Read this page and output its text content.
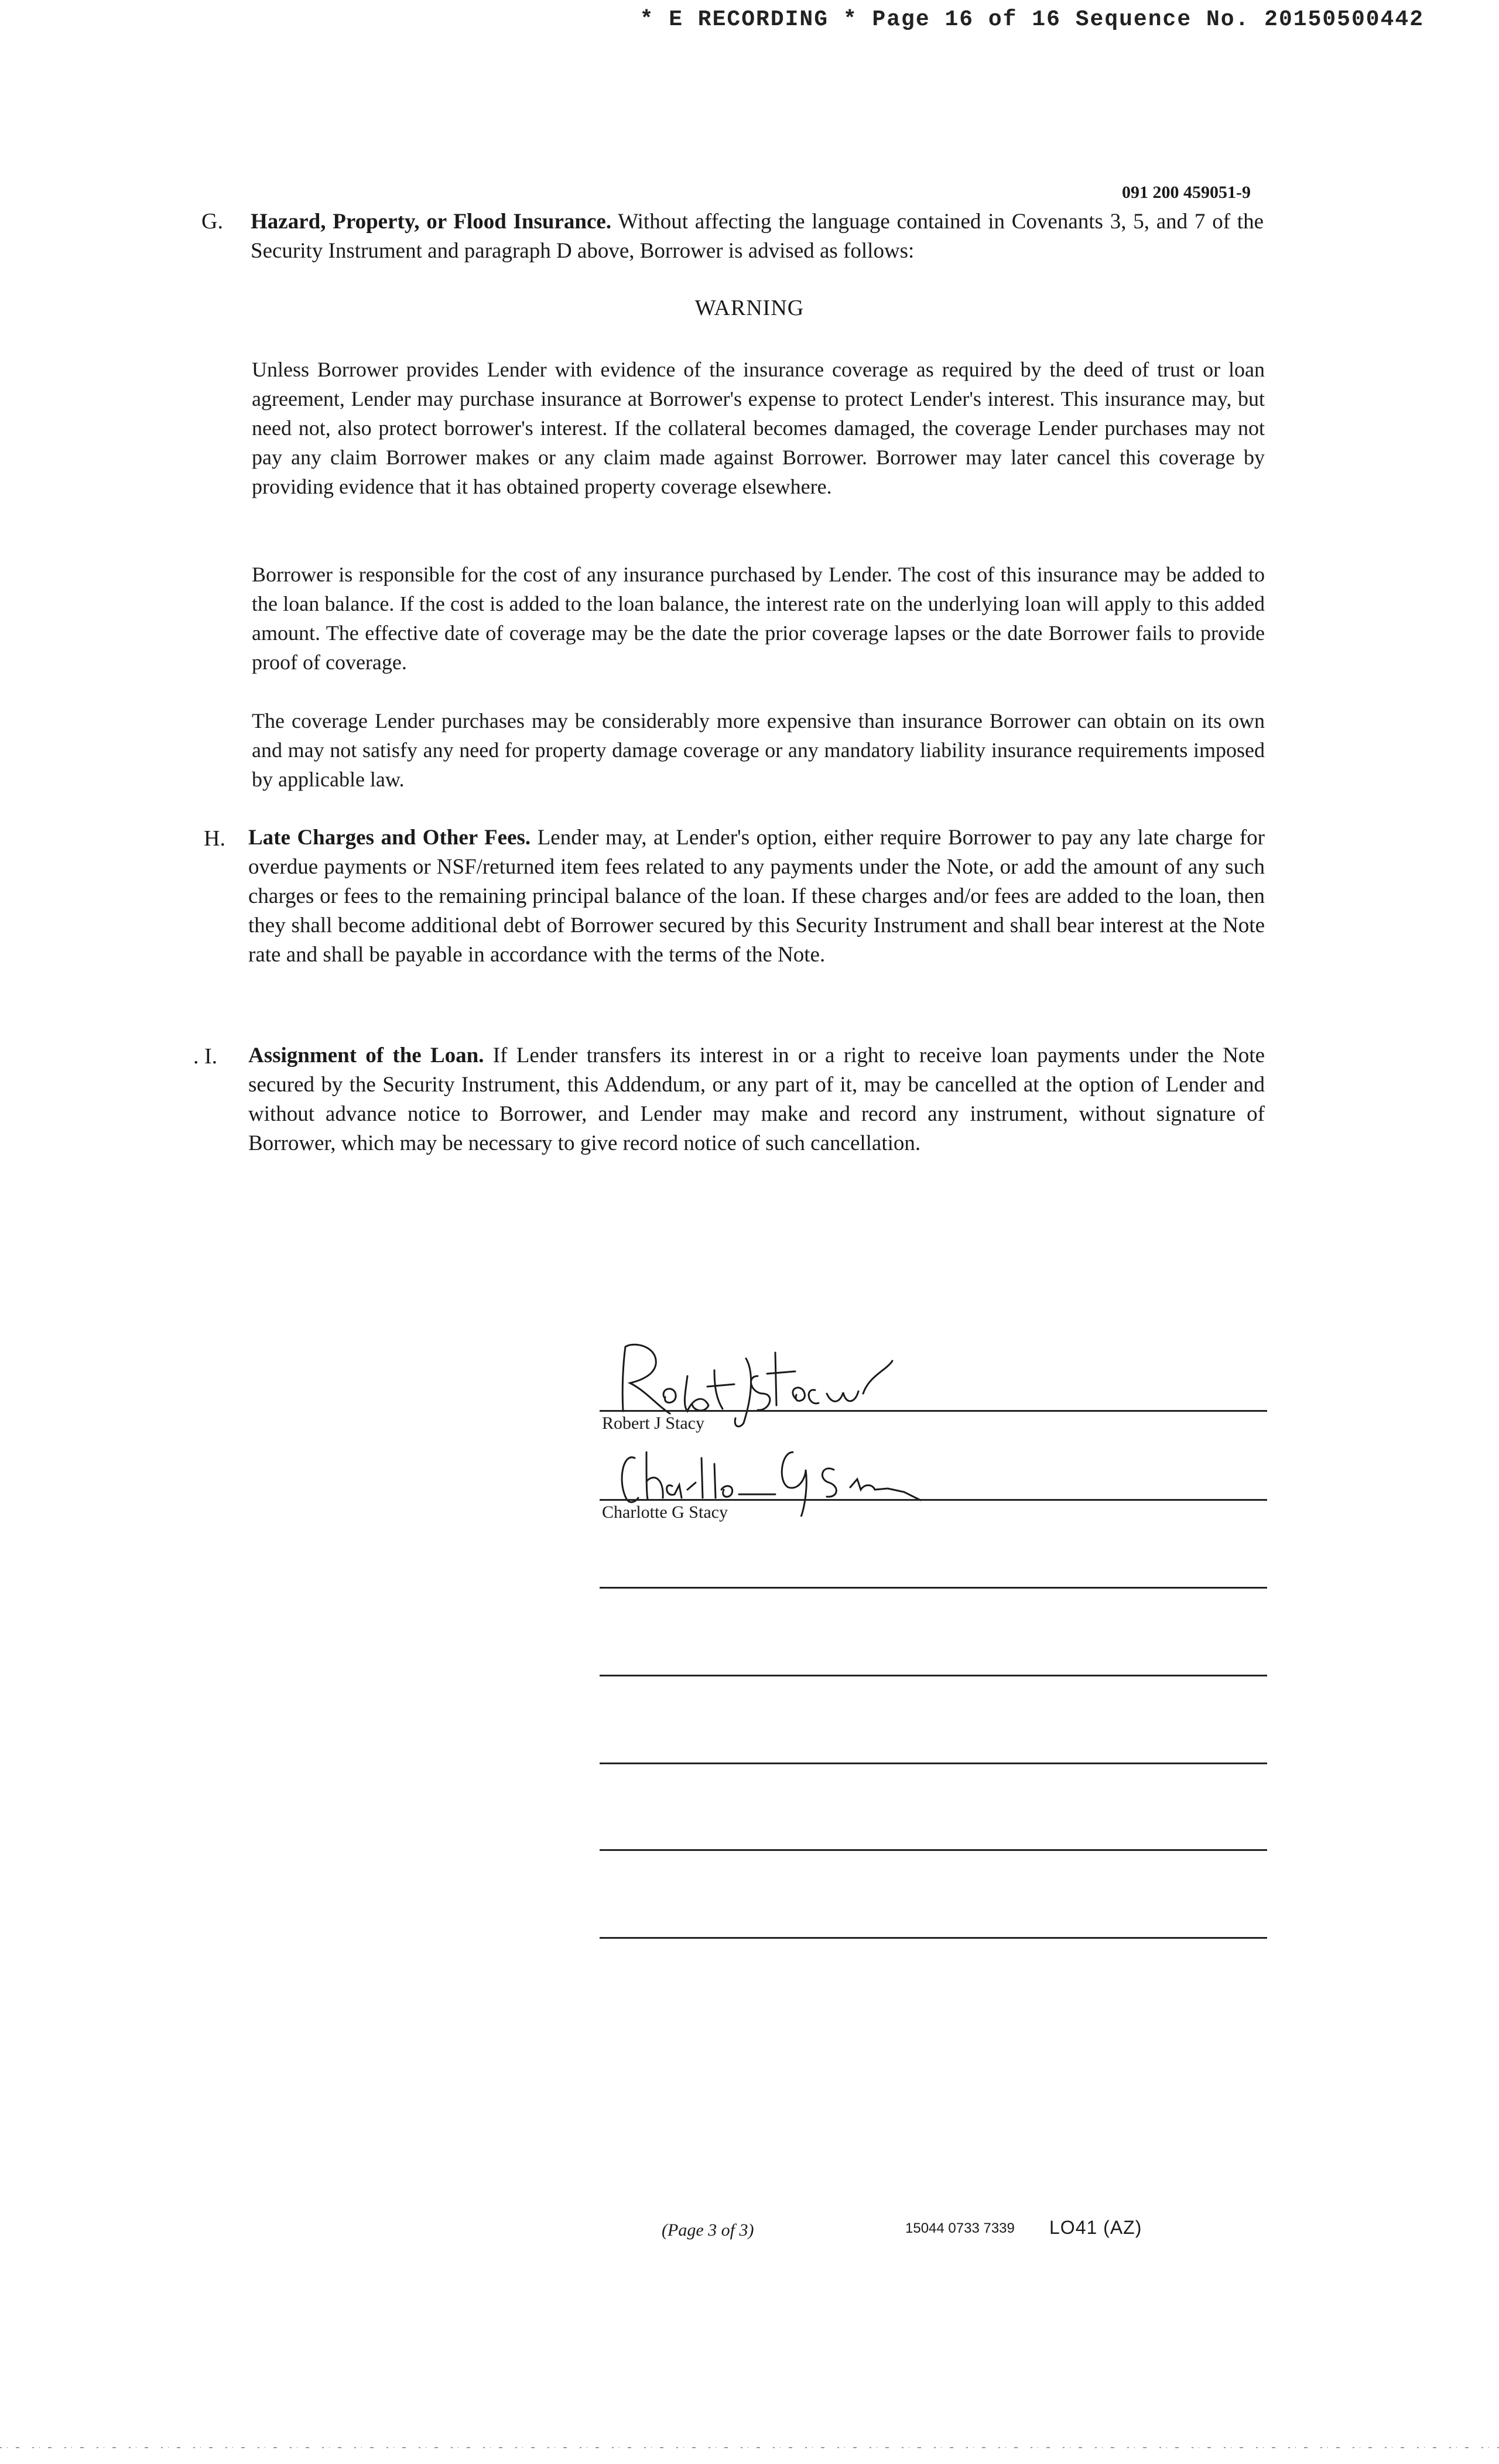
* E RECORDING * Page 16 of 16 Sequence No. 20150500442
091 200 459051-9
G. Hazard, Property, or Flood Insurance. Without affecting the language contained in Covenants 3, 5, and 7 of the Security Instrument and paragraph D above, Borrower is advised as follows:

WARNING

Unless Borrower provides Lender with evidence of the insurance coverage as required by the deed of trust or loan agreement, Lender may purchase insurance at Borrower's expense to protect Lender's interest. This insurance may, but need not, also protect borrower's interest. If the collateral becomes damaged, the coverage Lender purchases may not pay any claim Borrower makes or any claim made against Borrower. Borrower may later cancel this coverage by providing evidence that it has obtained property coverage elsewhere.

Borrower is responsible for the cost of any insurance purchased by Lender. The cost of this insurance may be added to the loan balance. If the cost is added to the loan balance, the interest rate on the underlying loan will apply to this added amount. The effective date of coverage may be the date the prior coverage lapses or the date Borrower fails to provide proof of coverage.

The coverage Lender purchases may be considerably more expensive than insurance Borrower can obtain on its own and may not satisfy any need for property damage coverage or any mandatory liability insurance requirements imposed by applicable law.

H. Late Charges and Other Fees. Lender may, at Lender's option, either require Borrower to pay any late charge for overdue payments or NSF/returned item fees related to any payments under the Note, or add the amount of any such charges or fees to the remaining principal balance of the loan. If these charges and/or fees are added to the loan, then they shall become additional debt of Borrower secured by this Security Instrument and shall bear interest at the Note rate and shall be payable in accordance with the terms of the Note.

. I. Assignment of the Loan. If Lender transfers its interest in or a right to receive loan payments under the Note secured by the Security Instrument, this Addendum, or any part of it, may be cancelled at the option of Lender and without advance notice to Borrower, and Lender may make and record any instrument, without signature of Borrower, which may be necessary to give record notice of such cancellation.

Robert J Stacy
Charlotte G Stacy
(Page 3 of 3)	15044 0733 7339 LO41 (AZ)
